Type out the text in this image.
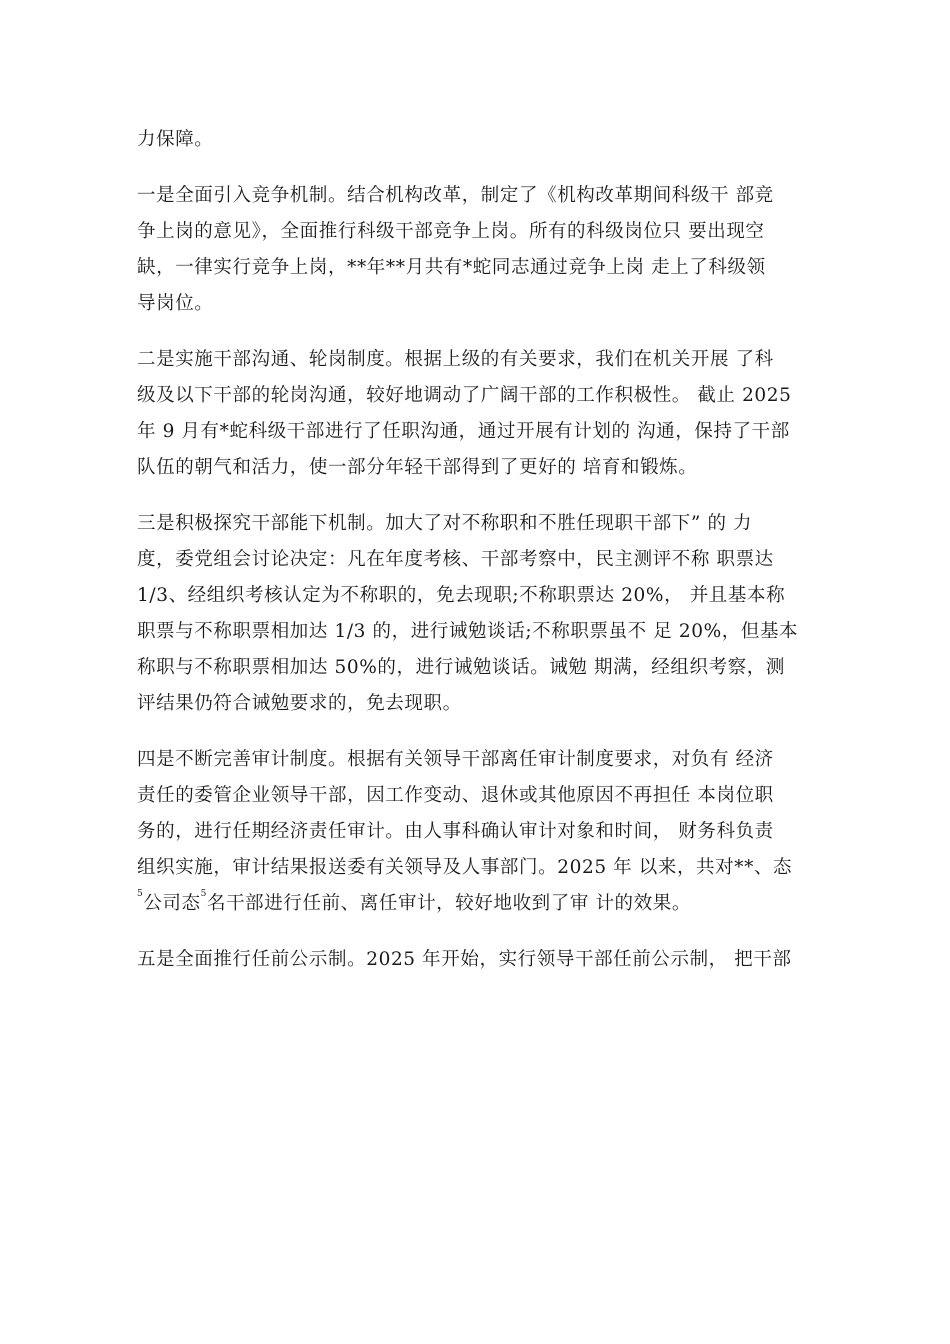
力保障。
一是全面引入竞争机制。结合机构改革，制定了《机构改革期间科级干 部竞
争上岗的意见》，全面推行科级干部竞争上岗。所有的科级岗位只 要出现空
缺，一律实行竞争上岗，**年**月共有*蛇同志通过竞争上岗 走上了科级领
导岗位。
二是实施干部沟通、轮岗制度。根据上级的有关要求，我们在机关开展 了科
级及以下干部的轮岗沟通，较好地调动了广阔干部的工作积极性。 截止 2025
年 9 月有*蛇科级干部进行了任职沟通，通过开展有计划的 沟通，保持了干部
队伍的朝气和活力，使一部分年轻干部得到了更好的 培育和锻炼。
三是积极探究干部能下机制。加大了对不称职和不胜任现职干部下” 的 力
度，委党组会讨论决定：凡在年度考核、干部考察中，民主测评不称 职票达
1/3、经组织考核认定为不称职的，免去现职;不称职票达 20%， 并且基本称
职票与不称职票相加达 1/3 的，进行诫勉谈话;不称职票虽不 足 20%，但基本
称职与不称职票相加达 50%的，进行诫勉谈话。诫勉 期满，经组织考察，测
评结果仍符合诫勉要求的，免去现职。
四是不断完善审计制度。根据有关领导干部离任审计制度要求，对负有 经济
责任的委管企业领导干部，因工作变动、退休或其他原因不再担任 本岗位职
务的，进行任期经济责任审计。由人事科确认审计对象和时间， 财务科负责
组织实施，审计结果报送委有关领导及人事部门。2025 年 以来，共对**、态
$^5$公司态$^5$名干部进行任前、离任审计，较好地收到了审 计的效果。
五是全面推行任前公示制。2025 年开始，实行领导干部任前公示制， 把干部
